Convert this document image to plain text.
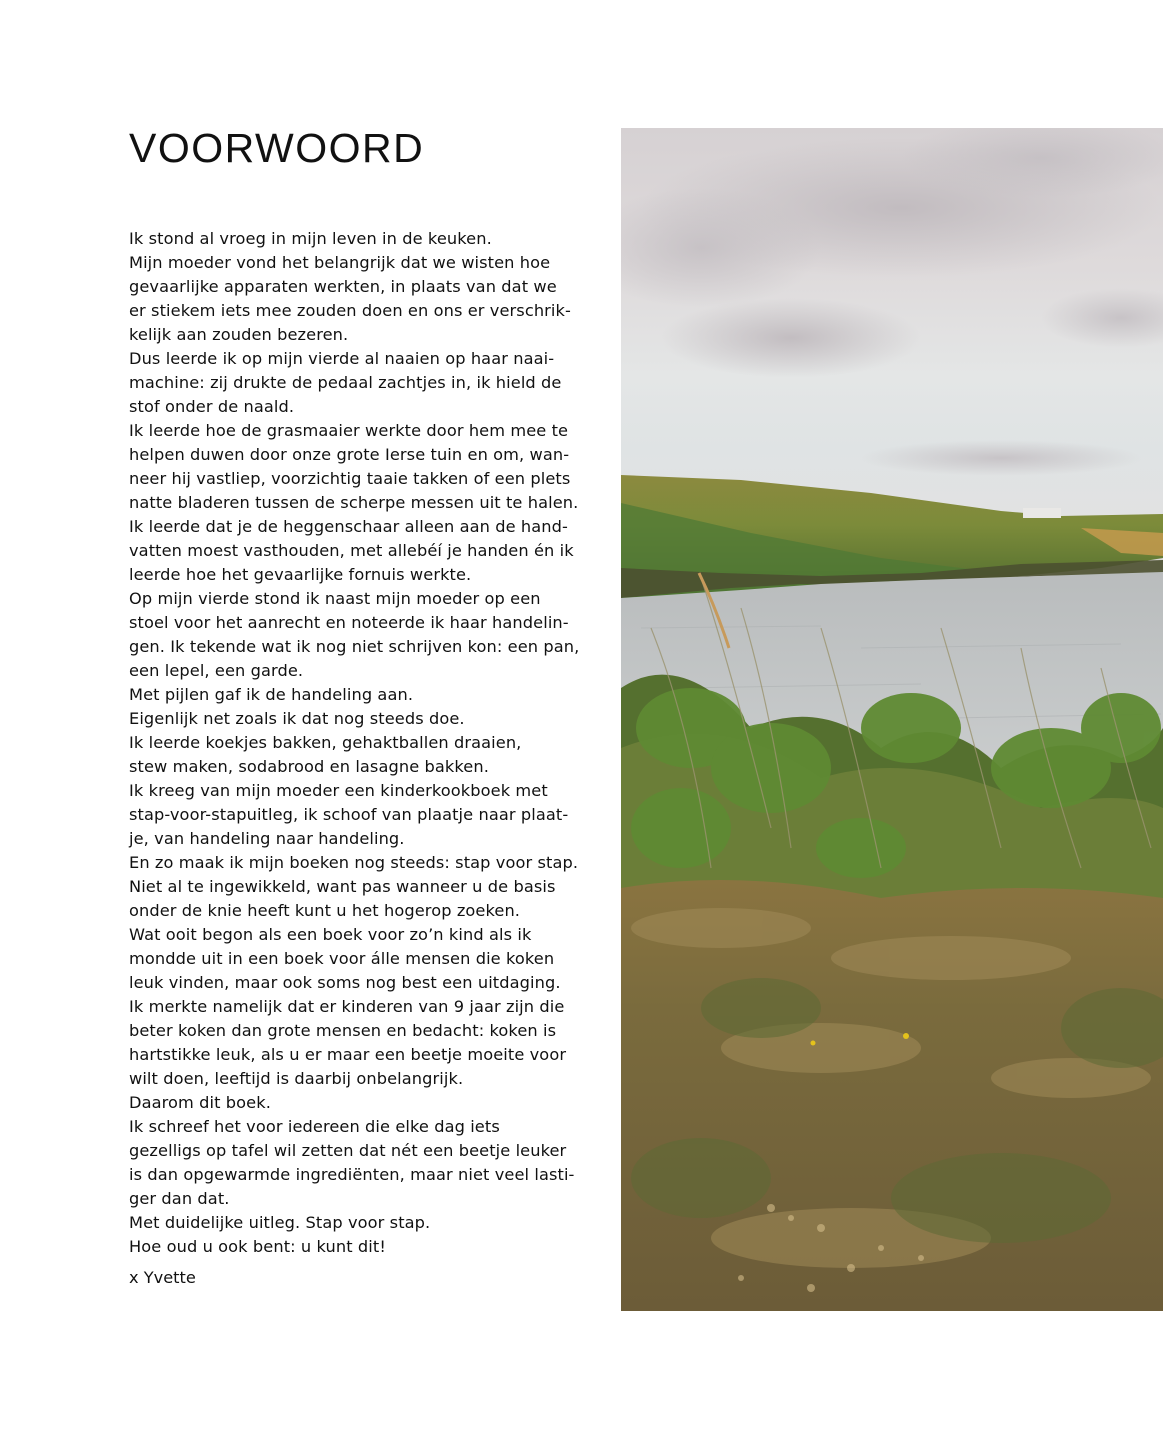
VOORWOORD
Ik stond al vroeg in mijn leven in de keuken.
Mijn moeder vond het belangrijk dat we wisten hoe
gevaarlijke apparaten werkten, in plaats van dat we
er stiekem iets mee zouden doen en ons er verschrik-
kelijk aan zouden bezeren.
Dus leerde ik op mijn vierde al naaien op haar naai-
machine: zij drukte de pedaal zachtjes in, ik hield de
stof onder de naald.
Ik leerde hoe de grasmaaier werkte door hem mee te
helpen duwen door onze grote Ierse tuin en om, wan-
neer hij vastliep, voorzichtig taaie takken of een plets
natte bladeren tussen de scherpe messen uit te halen.
Ik leerde dat je de heggenschaar alleen aan de hand-
vatten moest vasthouden, met allebéí je handen én ik
leerde hoe het gevaarlijke fornuis werkte.
Op mijn vierde stond ik naast mijn moeder op een
stoel voor het aanrecht en noteerde ik haar handelin-
gen. Ik tekende wat ik nog niet schrijven kon: een pan,
een lepel, een garde.
Met pijlen gaf ik de handeling aan.
Eigenlijk net zoals ik dat nog steeds doe.
Ik leerde koekjes bakken, gehaktballen draaien,
stew maken, sodabrood en lasagne bakken.
Ik kreeg van mijn moeder een kinderkookboek met
stap-voor-stapuitleg, ik schoof van plaatje naar plaat-
je, van handeling naar handeling.
En zo maak ik mijn boeken nog steeds: stap voor stap.
Niet al te ingewikkeld, want pas wanneer u de basis
onder de knie heeft kunt u het hogerop zoeken.
Wat ooit begon als een boek voor zo’n kind als ik
mondde uit in een boek voor álle mensen die koken
leuk vinden, maar ook soms nog best een uitdaging.
Ik merkte namelijk dat er kinderen van 9 jaar zijn die
beter koken dan grote mensen en bedacht: koken is
hartstikke leuk, als u er maar een beetje moeite voor
wilt doen, leeftijd is daarbij onbelangrijk.
Daarom dit boek.
Ik schreef het voor iedereen die elke dag iets
gezelligs op tafel wil zetten dat nét een beetje leuker
is dan opgewarmde ingrediënten, maar niet veel lasti-
ger dan dat.
Met duidelijke uitleg. Stap voor stap.
Hoe oud u ook bent: u kunt dit!
x Yvette
